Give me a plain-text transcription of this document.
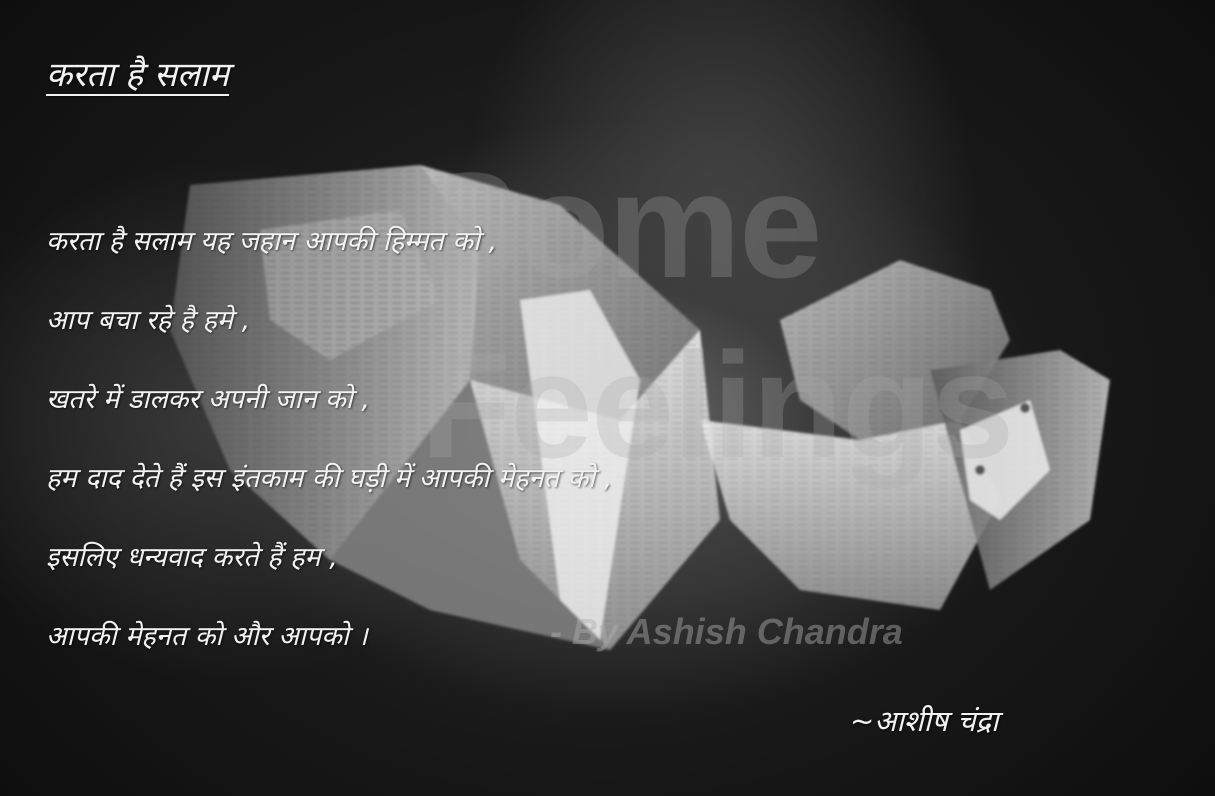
Some
Feelings
- By Ashish Chandra
करता है सलाम
करता है सलाम यह जहान आपकी हिम्मत को ,
आप बचा रहे है हमे ,
खतरे में डालकर अपनी जान को ,
हम दाद देते हैं इस इंतकाम की घड़ी में आपकी मेहनत को ,
इसलिए धन्यवाद करते हैं हम ,
आपकी मेहनत को और आपको ।
~आशीष चंद्रा
